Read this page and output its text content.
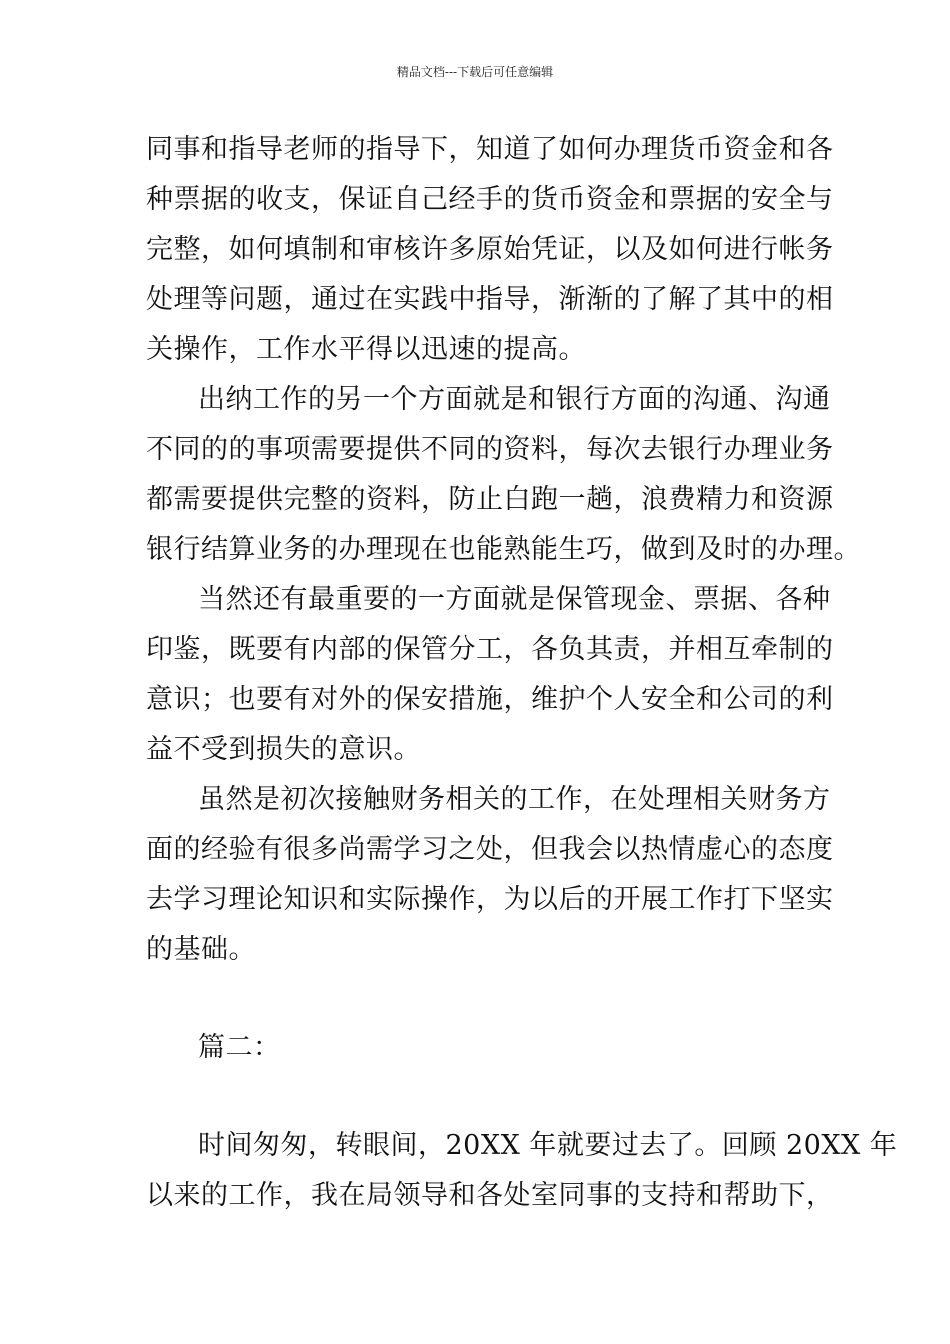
精品文档---下载后可任意编辑
同事和指导老师的指导下，知道了如何办理货币资金和各
种票据的收支，保证自己经手的货币资金和票据的安全与
完整，如何填制和审核许多原始凭证，以及如何进行帐务
处理等问题，通过在实践中指导，渐渐的了解了其中的相
关操作，工作水平得以迅速的提高。
出纳工作的另一个方面就是和银行方面的沟通、沟通
不同的的事项需要提供不同的资料，每次去银行办理业务
都需要提供完整的资料，防止白跑一趟，浪费精力和资源
银行结算业务的办理现在也能熟能生巧，做到及时的办理。
当然还有最重要的一方面就是保管现金、票据、各种
印鉴，既要有内部的保管分工，各负其责，并相互牵制的
意识；也要有对外的保安措施，维护个人安全和公司的利
益不受到损失的意识。
虽然是初次接触财务相关的工作，在处理相关财务方
面的经验有很多尚需学习之处，但我会以热情虚心的态度
去学习理论知识和实际操作，为以后的开展工作打下坚实
的基础。
篇二：
时间匆匆，转眼间，20XX 年就要过去了。回顾 20XX 年
以来的工作，我在局领导和各处室同事的支持和帮助下，
